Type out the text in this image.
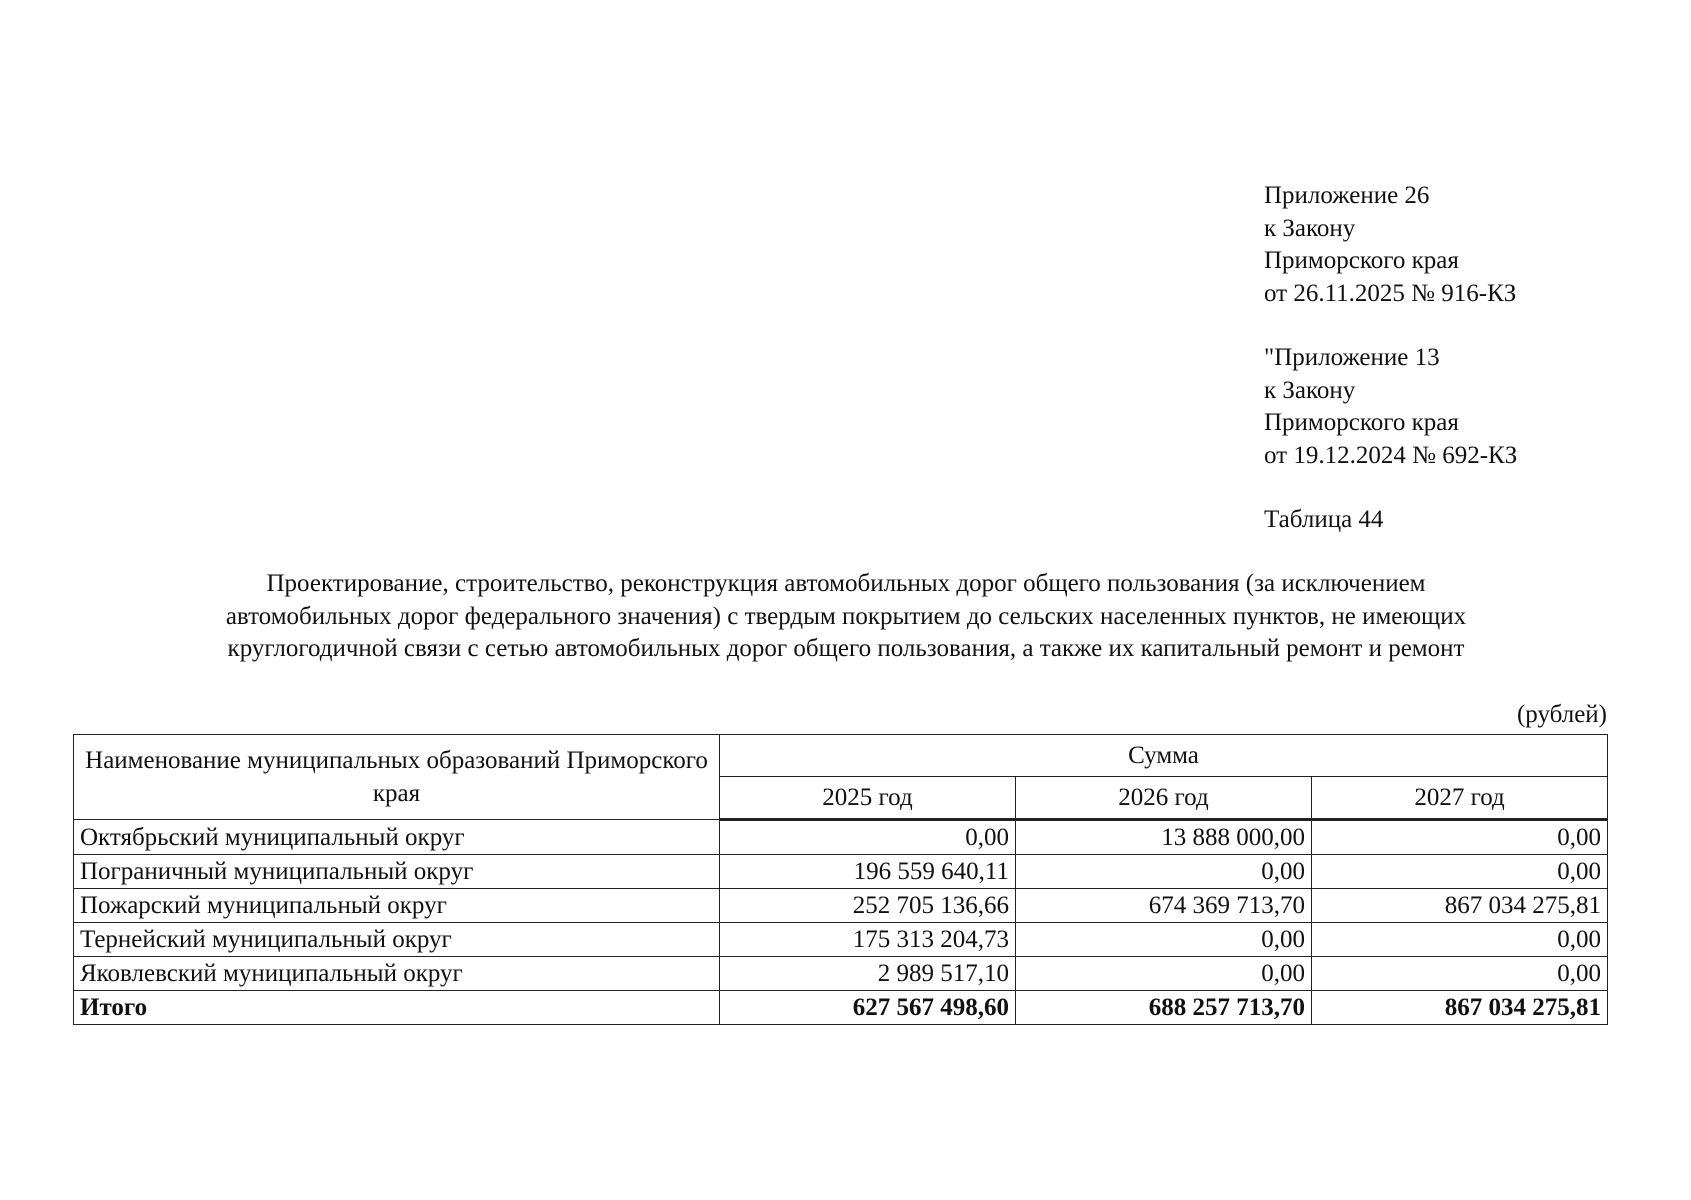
Приложение 26
к Закону
Приморского края
от 26.11.2025 № 916-КЗ

"Приложение 13
к Закону
Приморского края
от 19.12.2024 № 692-КЗ

Таблица 44

Проектирование, строительство, реконструкция автомобильных дорог общего пользования (за исключением
автомобильных дорог федерального значения) с твердым покрытием до сельских населенных пунктов, не имеющих
круглогодичной связи с сетью автомобильных дорог общего пользования, а также их капитальный ремонт и ремонт
(рублей)
Наименование муниципальных образований Приморского края	Сумма		
	2025 год	2026 год	2027 год
Октябрьский муниципальный округ	0,00	13 888 000,00	0,00
Пограничный муниципальный округ	196 559 640,11	0,00	0,00
Пожарский муниципальный округ	252 705 136,66	674 369 713,70	867 034 275,81
Тернейский муниципальный округ	175 313 204,73	0,00	0,00
Яковлевский муниципальный округ	2 989 517,10	0,00	0,00
Итого	627 567 498,60	688 257 713,70	867 034 275,81
